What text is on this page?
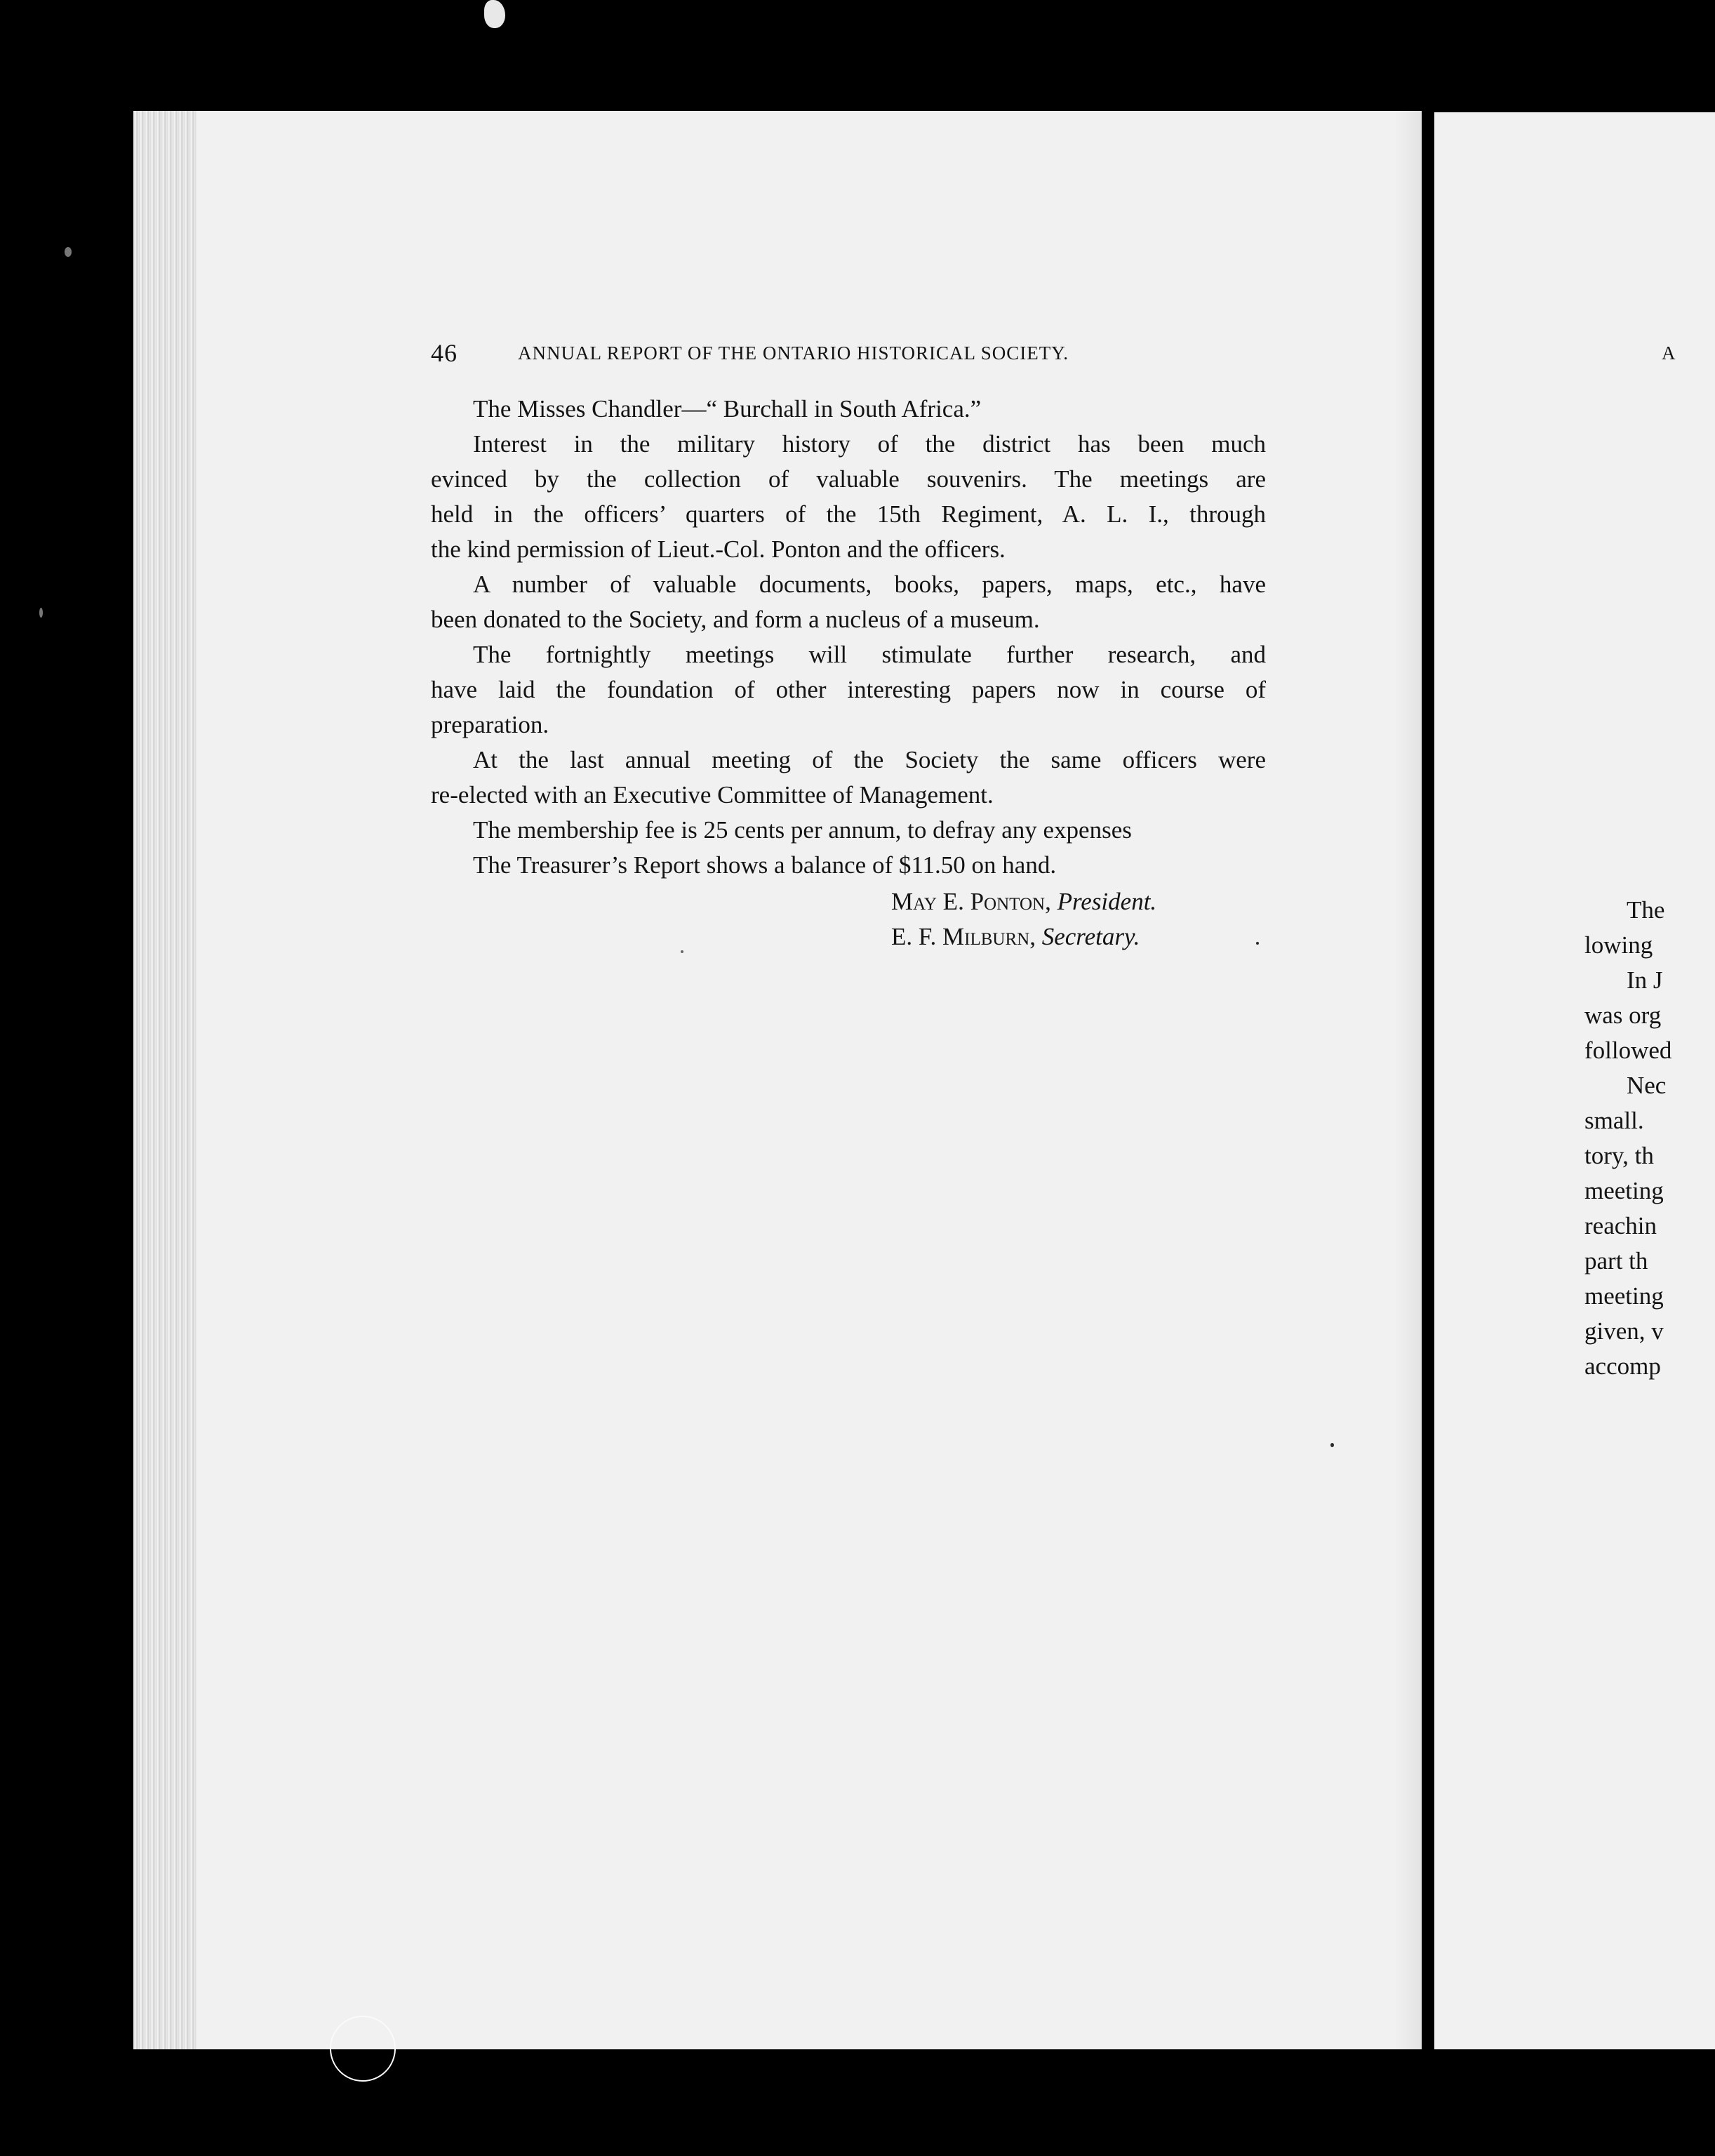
46	ANNUAL REPORT OF THE ONTARIO HISTORICAL SOCIETY.
The Misses Chandler—“ Burchall in South Africa.”
Interest in the military history of the district has been much
evinced by the collection of valuable souvenirs. The meetings are
held in the officers’ quarters of the 15th Regiment, A. L. I., through
the kind permission of Lieut.-Col. Ponton and the officers.
A number of valuable documents, books, papers, maps, etc., have
been donated to the Society, and form a nucleus of a museum.
The fortnightly meetings will stimulate further research, and
have laid the foundation of other interesting papers now in course of
preparation.
At the last annual meeting of the Society the same officers were
re-elected with an Executive Committee of Management.
The membership fee is 25 cents per annum, to defray any expenses
The Treasurer’s Report shows a balance of $11.50 on hand.
May E. Ponton, President.
E. F. Milburn, Secretary.
A
The
lowing
In J
was org
followed
Nec
small.
tory, th
meeting
reachin
part th
meeting
given, v
accomp
